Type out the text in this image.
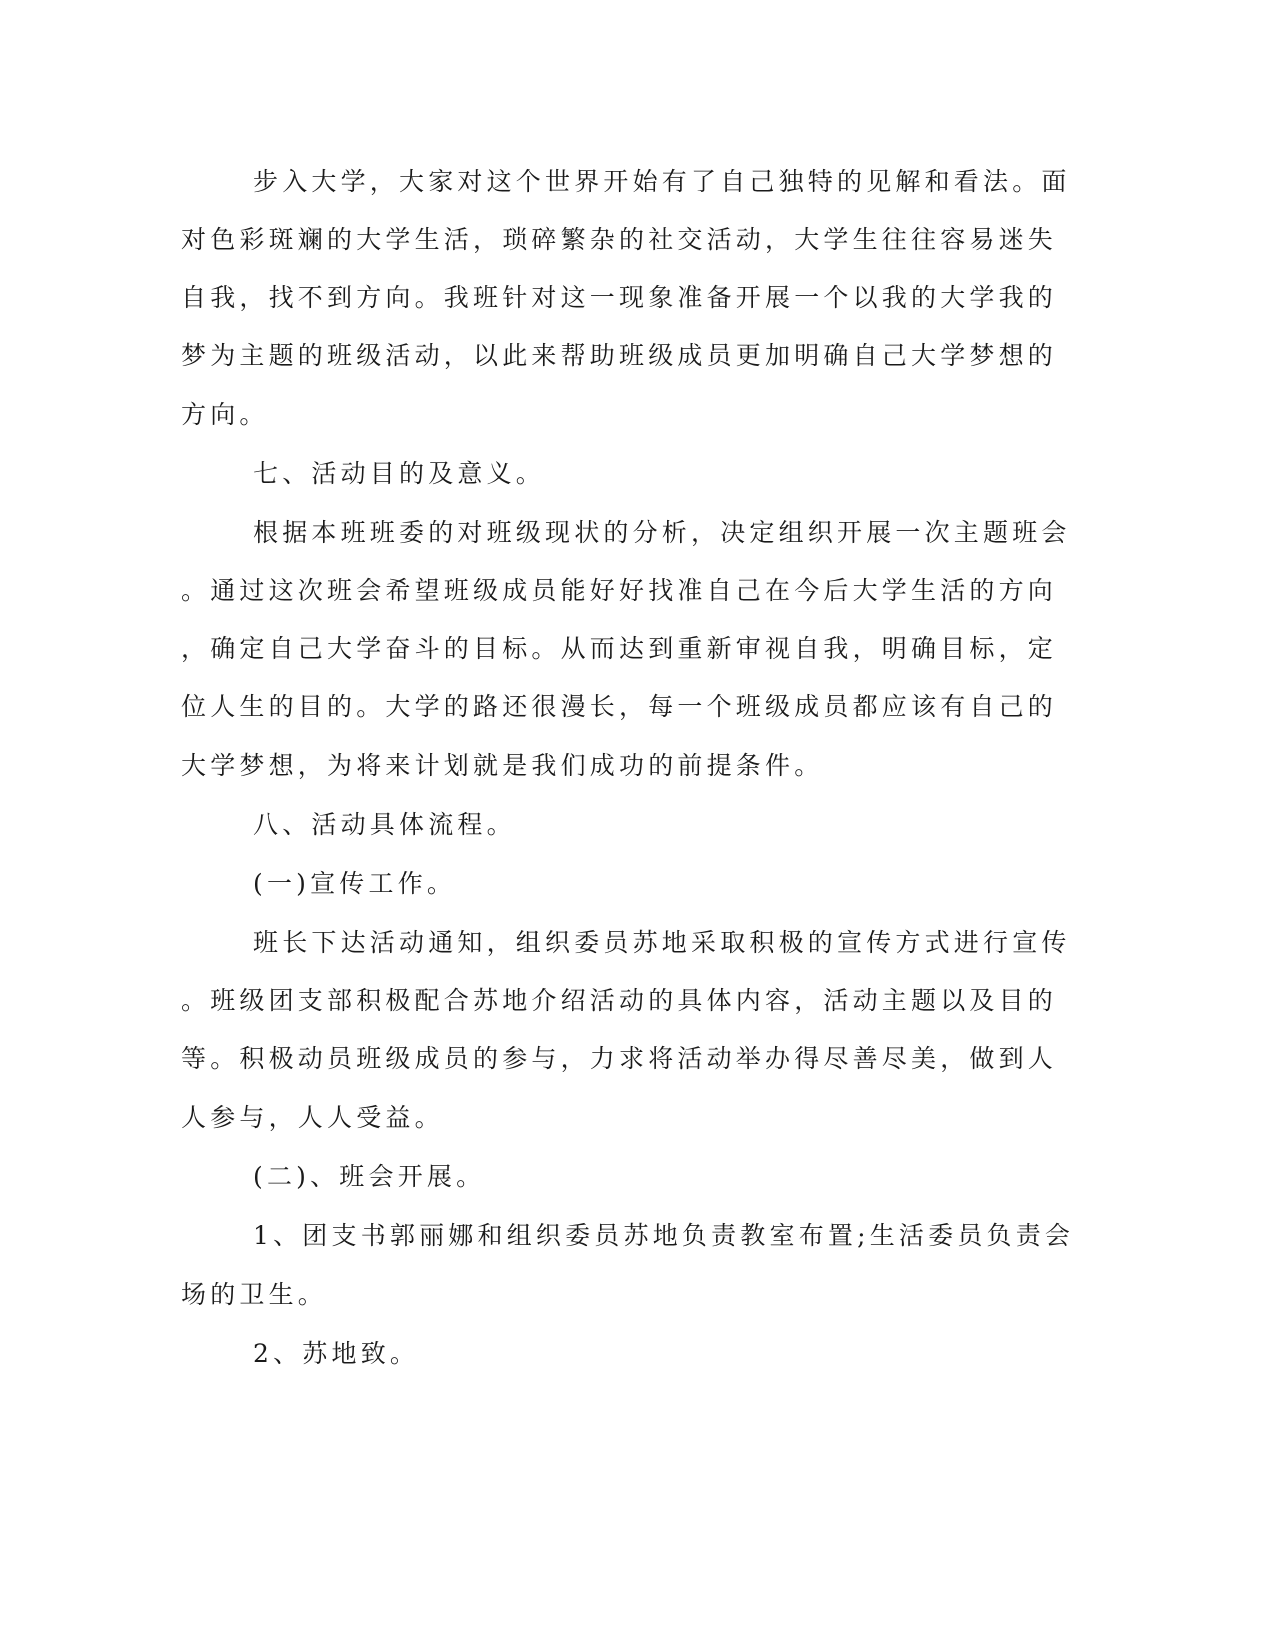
步入大学，大家对这个世界开始有了自己独特的见解和看法。面
对色彩斑斓的大学生活，琐碎繁杂的社交活动，大学生往往容易迷失
自我，找不到方向。我班针对这一现象准备开展一个以我的大学我的
梦为主题的班级活动，以此来帮助班级成员更加明确自己大学梦想的
方向。
七、活动目的及意义。
根据本班班委的对班级现状的分析，决定组织开展一次主题班会
。通过这次班会希望班级成员能好好找准自己在今后大学生活的方向
，确定自己大学奋斗的目标。从而达到重新审视自我，明确目标，定
位人生的目的。大学的路还很漫长，每一个班级成员都应该有自己的
大学梦想，为将来计划就是我们成功的前提条件。
八、活动具体流程。
(一)宣传工作。
班长下达活动通知，组织委员苏地采取积极的宣传方式进行宣传
。班级团支部积极配合苏地介绍活动的具体内容，活动主题以及目的
等。积极动员班级成员的参与，力求将活动举办得尽善尽美，做到人
人参与，人人受益。
(二)、班会开展。
1、团支书郭丽娜和组织委员苏地负责教室布置;生活委员负责会
场的卫生。
2、苏地致。
